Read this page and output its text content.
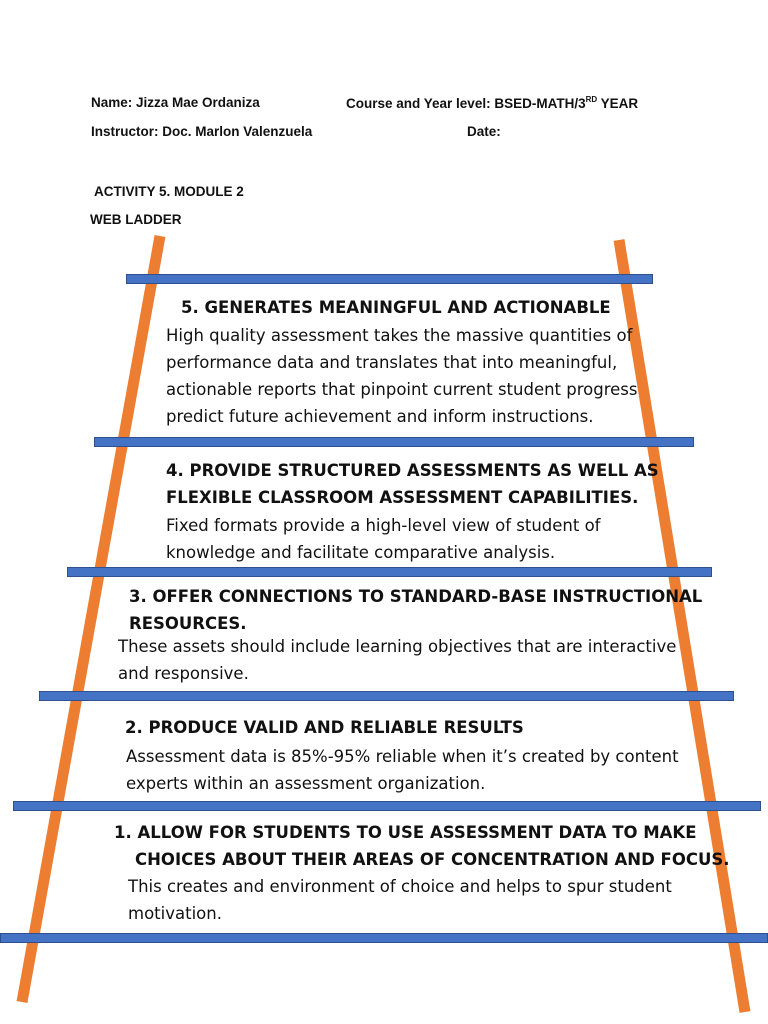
Name: Jizza Mae Ordaniza	Course and Year level: BSED-MATH/3RD YEAR
Instructor: Doc. Marlon Valenzuela	Date:
ACTIVITY 5. MODULE 2
WEB LADDER
5. GENERATES MEANINGFUL AND ACTIONABLE
High quality assessment takes the massive quantities of
performance data and translates that into meaningful,
actionable reports that pinpoint current student progress
predict future achievement and inform instructions.
4. PROVIDE STRUCTURED ASSESSMENTS AS WELL AS
FLEXIBLE CLASSROOM ASSESSMENT CAPABILITIES.
Fixed formats provide a high-level view of student of
knowledge and facilitate comparative analysis.
3. OFFER CONNECTIONS TO STANDARD-BASE INSTRUCTIONAL
RESOURCES.
These assets should include learning objectives that are interactive
and responsive.
2. PRODUCE VALID AND RELIABLE RESULTS
Assessment data is 85%-95% reliable when it’s created by content
experts within an assessment organization.
1. ALLOW FOR STUDENTS TO USE ASSESSMENT DATA TO MAKE
CHOICES ABOUT THEIR AREAS OF CONCENTRATION AND FOCUS.
This creates and environment of choice and helps to spur student
motivation.
